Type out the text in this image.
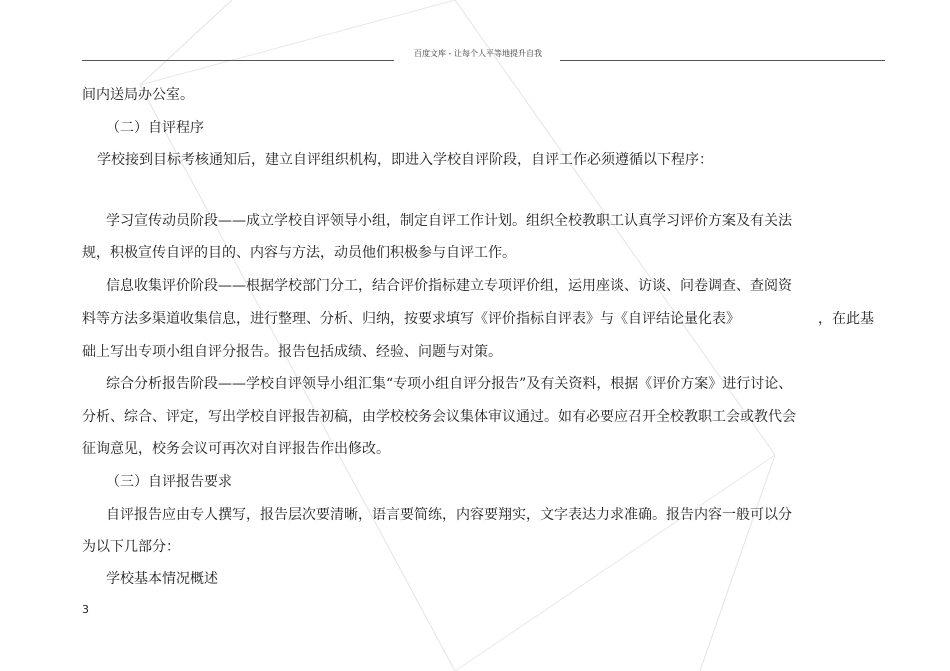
百度文库 - 让每个人平等地提升自我
间内送局办公室。
（二）自评程序
学校接到目标考核通知后，建立自评组织机构，即进入学校自评阶段，自评工作必须遵循以下程序：
学习宣传动员阶段——成立学校自评领导小组，制定自评工作计划。组织全校教职工认真学习评价方案及有关法
规，积极宣传自评的目的、内容与方法，动员他们积极参与自评工作。
信息收集评价阶段——根据学校部门分工，结合评价指标建立专项评价组，运用座谈、访谈、问卷调查、查阅资
料等方法多渠道收集信息，进行整理、分析、归纳，按要求填写《评价指标自评表》与《自评结论量化表》	，在此基
础上写出专项小组自评分报告。报告包括成绩、经验、问题与对策。
综合分析报告阶段——学校自评领导小组汇集“专项小组自评分报告”及有关资料，根据《评价方案》进行讨论、
分析、综合、评定，写出学校自评报告初稿，由学校校务会议集体审议通过。如有必要应召开全校教职工会或教代会
征询意见，校务会议可再次对自评报告作出修改。
（三）自评报告要求
自评报告应由专人撰写，报告层次要清晰，语言要简练，内容要翔实，文字表达力求准确。报告内容一般可以分
为以下几部分：
学校基本情况概述
3
